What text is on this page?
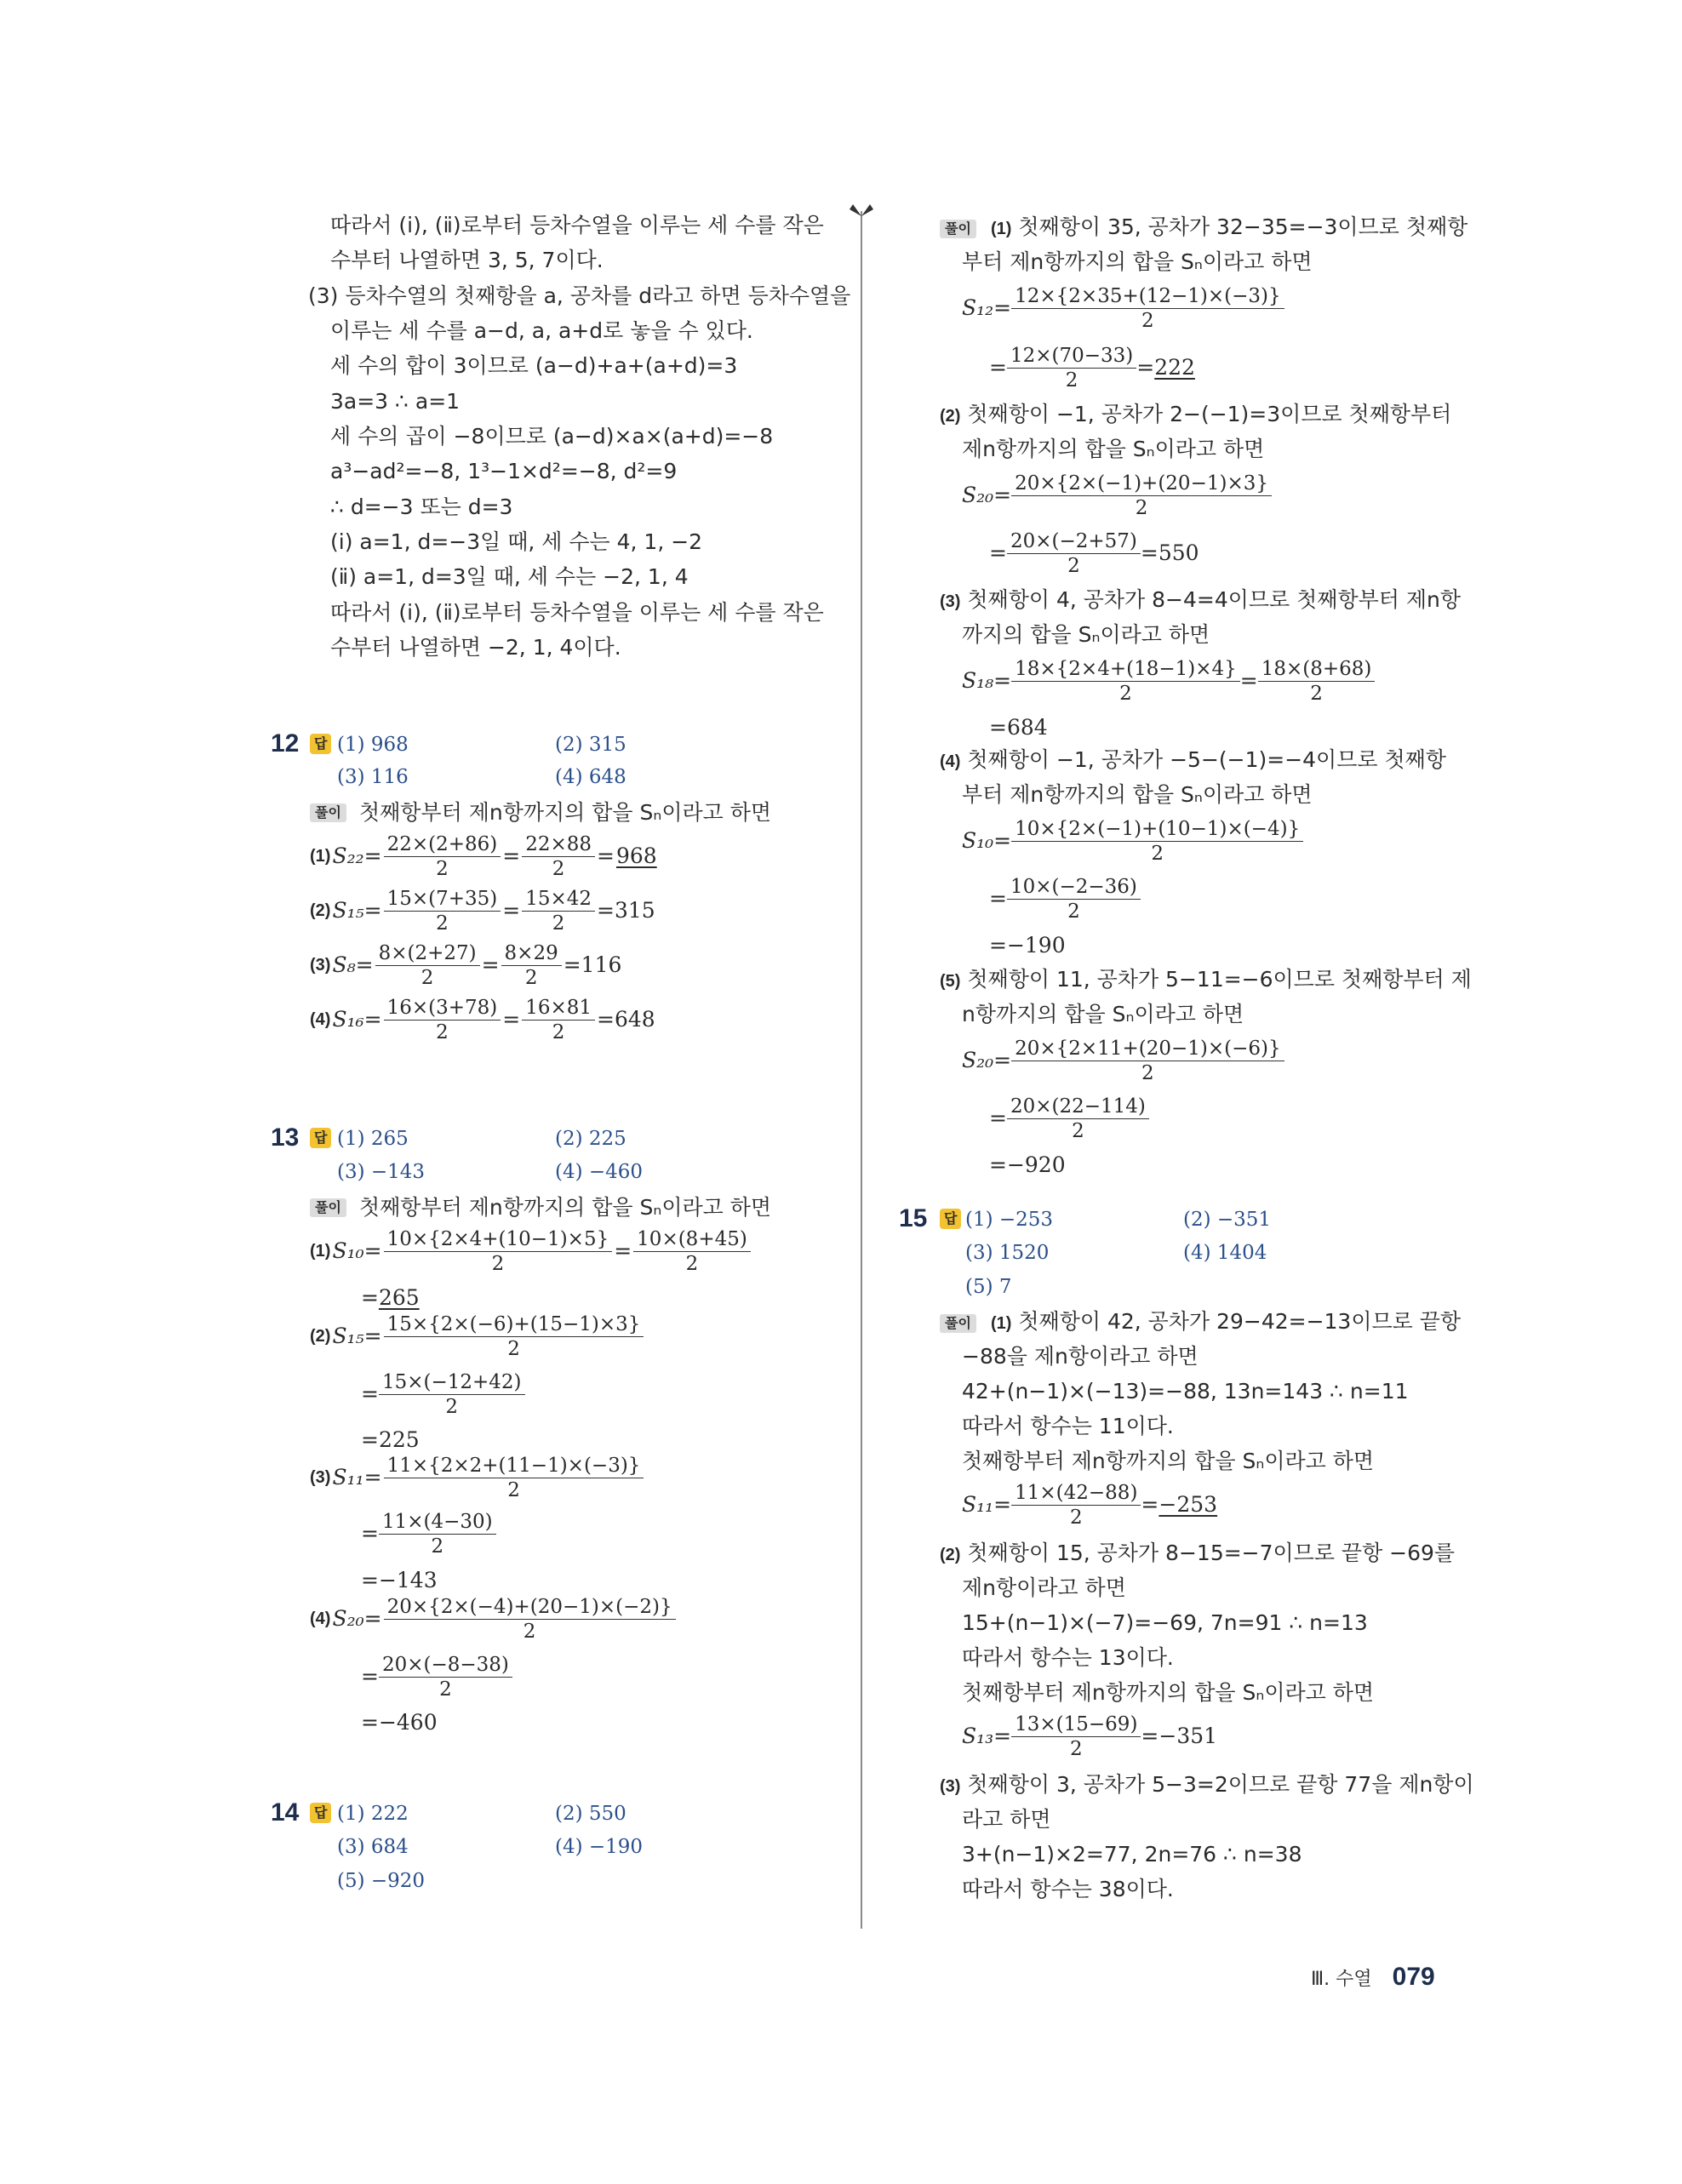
따라서 (ⅰ), (ⅱ)로부터 등차수열을 이루는 세 수를 작은
수부터 나열하면 3, 5, 7이다.
(3) 등차수열의 첫째항을 a, 공차를 d라고 하면 등차수열을
이루는 세 수를 a−d, a, a+d로 놓을 수 있다.
세 수의 합이 3이므로 (a−d)+a+(a+d)=3
3a=3 ∴ a=1
세 수의 곱이 −8이므로 (a−d)×a×(a+d)=−8
a³−ad²=−8, 1³−1×d²=−8, d²=9
∴ d=−3 또는 d=3
(ⅰ) a=1, d=−3일 때, 세 수는 4, 1, −2
(ⅱ) a=1, d=3일 때, 세 수는 −2, 1, 4
따라서 (ⅰ), (ⅱ)로부터 등차수열을 이루는 세 수를 작은
수부터 나열하면 −2, 1, 4이다.
12	답 (1) 968	(2) 315
(3) 116	(4) 648
풀이 첫째항부터 제n항까지의 합을 Sₙ이라고 하면
(1) $S_{22}= \frac{22\times(2+86)}{2} = \frac{22\times 88}{2} = 968$
(2) $S_{15}= \frac{15\times(7+35)}{2} = \frac{15\times 42}{2} =315$
(3) $S_8= \frac{8\times(2+27)}{2} = \frac{8\times 29}{2} =116$
(4) $S_{16}= \frac{16\times(3+78)}{2} = \frac{16\times 81}{2} =648$
13	답 (1) 265	(2) 225
(3) −143	(4) −460
풀이 첫째항부터 제n항까지의 합을 Sₙ이라고 하면
(1) $S_{10}= \frac{10\times\{2\times 4+(10-1)\times 5\}}{2} = \frac{10\times(8+45)}{2}$
=265
(2) $S_{15}= \frac{15\times\{2\times(-6)+(15-1)\times 3\}}{2}$
= $\frac{15\times(-12+42)}{2}$
=225
(3) $S_{11}= \frac{11\times\{2\times 2+(11-1)\times(-3)\}}{2}$
= $\frac{11\times(4-30)}{2}$
=−143
(4) $S_{20}= \frac{20\times\{2\times(-4)+(20-1)\times(-2)\}}{2}$
= $\frac{20\times(-8-38)}{2}$
=−460
14	답 (1) 222	(2) 550
(3) 684	(4) −190
(5) −920
풀이	(1) 첫째항이 35, 공차가 32−35=−3이므로 첫째항
부터 제n항까지의 합을 Sₙ이라고 하면
$S_{12}= \frac{12\times\{2\times 35+(12-1)\times(-3)\}}{2}$
= $\frac{12\times(70-33)}{2} = 222$
(2) 첫째항이 −1, 공차가 2−(−1)=3이므로 첫째항부터
제n항까지의 합을 Sₙ이라고 하면
$S_{20}= \frac{20\times\{2\times(-1)+(20-1)\times 3\}}{2}$
= $\frac{20\times(-2+57)}{2} =550$
(3) 첫째항이 4, 공차가 8−4=4이므로 첫째항부터 제n항
까지의 합을 Sₙ이라고 하면
$S_{18}= \frac{18\times\{2\times 4+(18-1)\times 4\}}{2} = \frac{18\times(8+68)}{2}$
=684
(4) 첫째항이 −1, 공차가 −5−(−1)=−4이므로 첫째항
부터 제n항까지의 합을 Sₙ이라고 하면
$S_{10}= \frac{10\times\{2\times(-1)+(10-1)\times(-4)\}}{2}$
= $\frac{10\times(-2-36)}{2}$
=−190
(5) 첫째항이 11, 공차가 5−11=−6이므로 첫째항부터 제
n항까지의 합을 Sₙ이라고 하면
$S_{20}= \frac{20\times\{2\times 11+(20-1)\times(-6)\}}{2}$
= $\frac{20\times(22-114)}{2}$
=−920
15	답 (1) −253	(2) −351
(3) 1520	(4) 1404
(5) 7
풀이	(1) 첫째항이 42, 공차가 29−42=−13이므로 끝항
−88을 제n항이라고 하면
42+(n−1)×(−13)=−88, 13n=143 ∴ n=11
따라서 항수는 11이다.
첫째항부터 제n항까지의 합을 Sₙ이라고 하면
$S_{11}= \frac{11\times(42-88)}{2} = -253$
(2) 첫째항이 15, 공차가 8−15=−7이므로 끝항 −69를
제n항이라고 하면
15+(n−1)×(−7)=−69, 7n=91 ∴ n=13
따라서 항수는 13이다.
첫째항부터 제n항까지의 합을 Sₙ이라고 하면
$S_{13}= \frac{13\times(15-69)}{2} =-351$
(3) 첫째항이 3, 공차가 5−3=2이므로 끝항 77을 제n항이
라고 하면
3+(n−1)×2=77, 2n=76 ∴ n=38
따라서 항수는 38이다.
Ⅲ. 수열 079
